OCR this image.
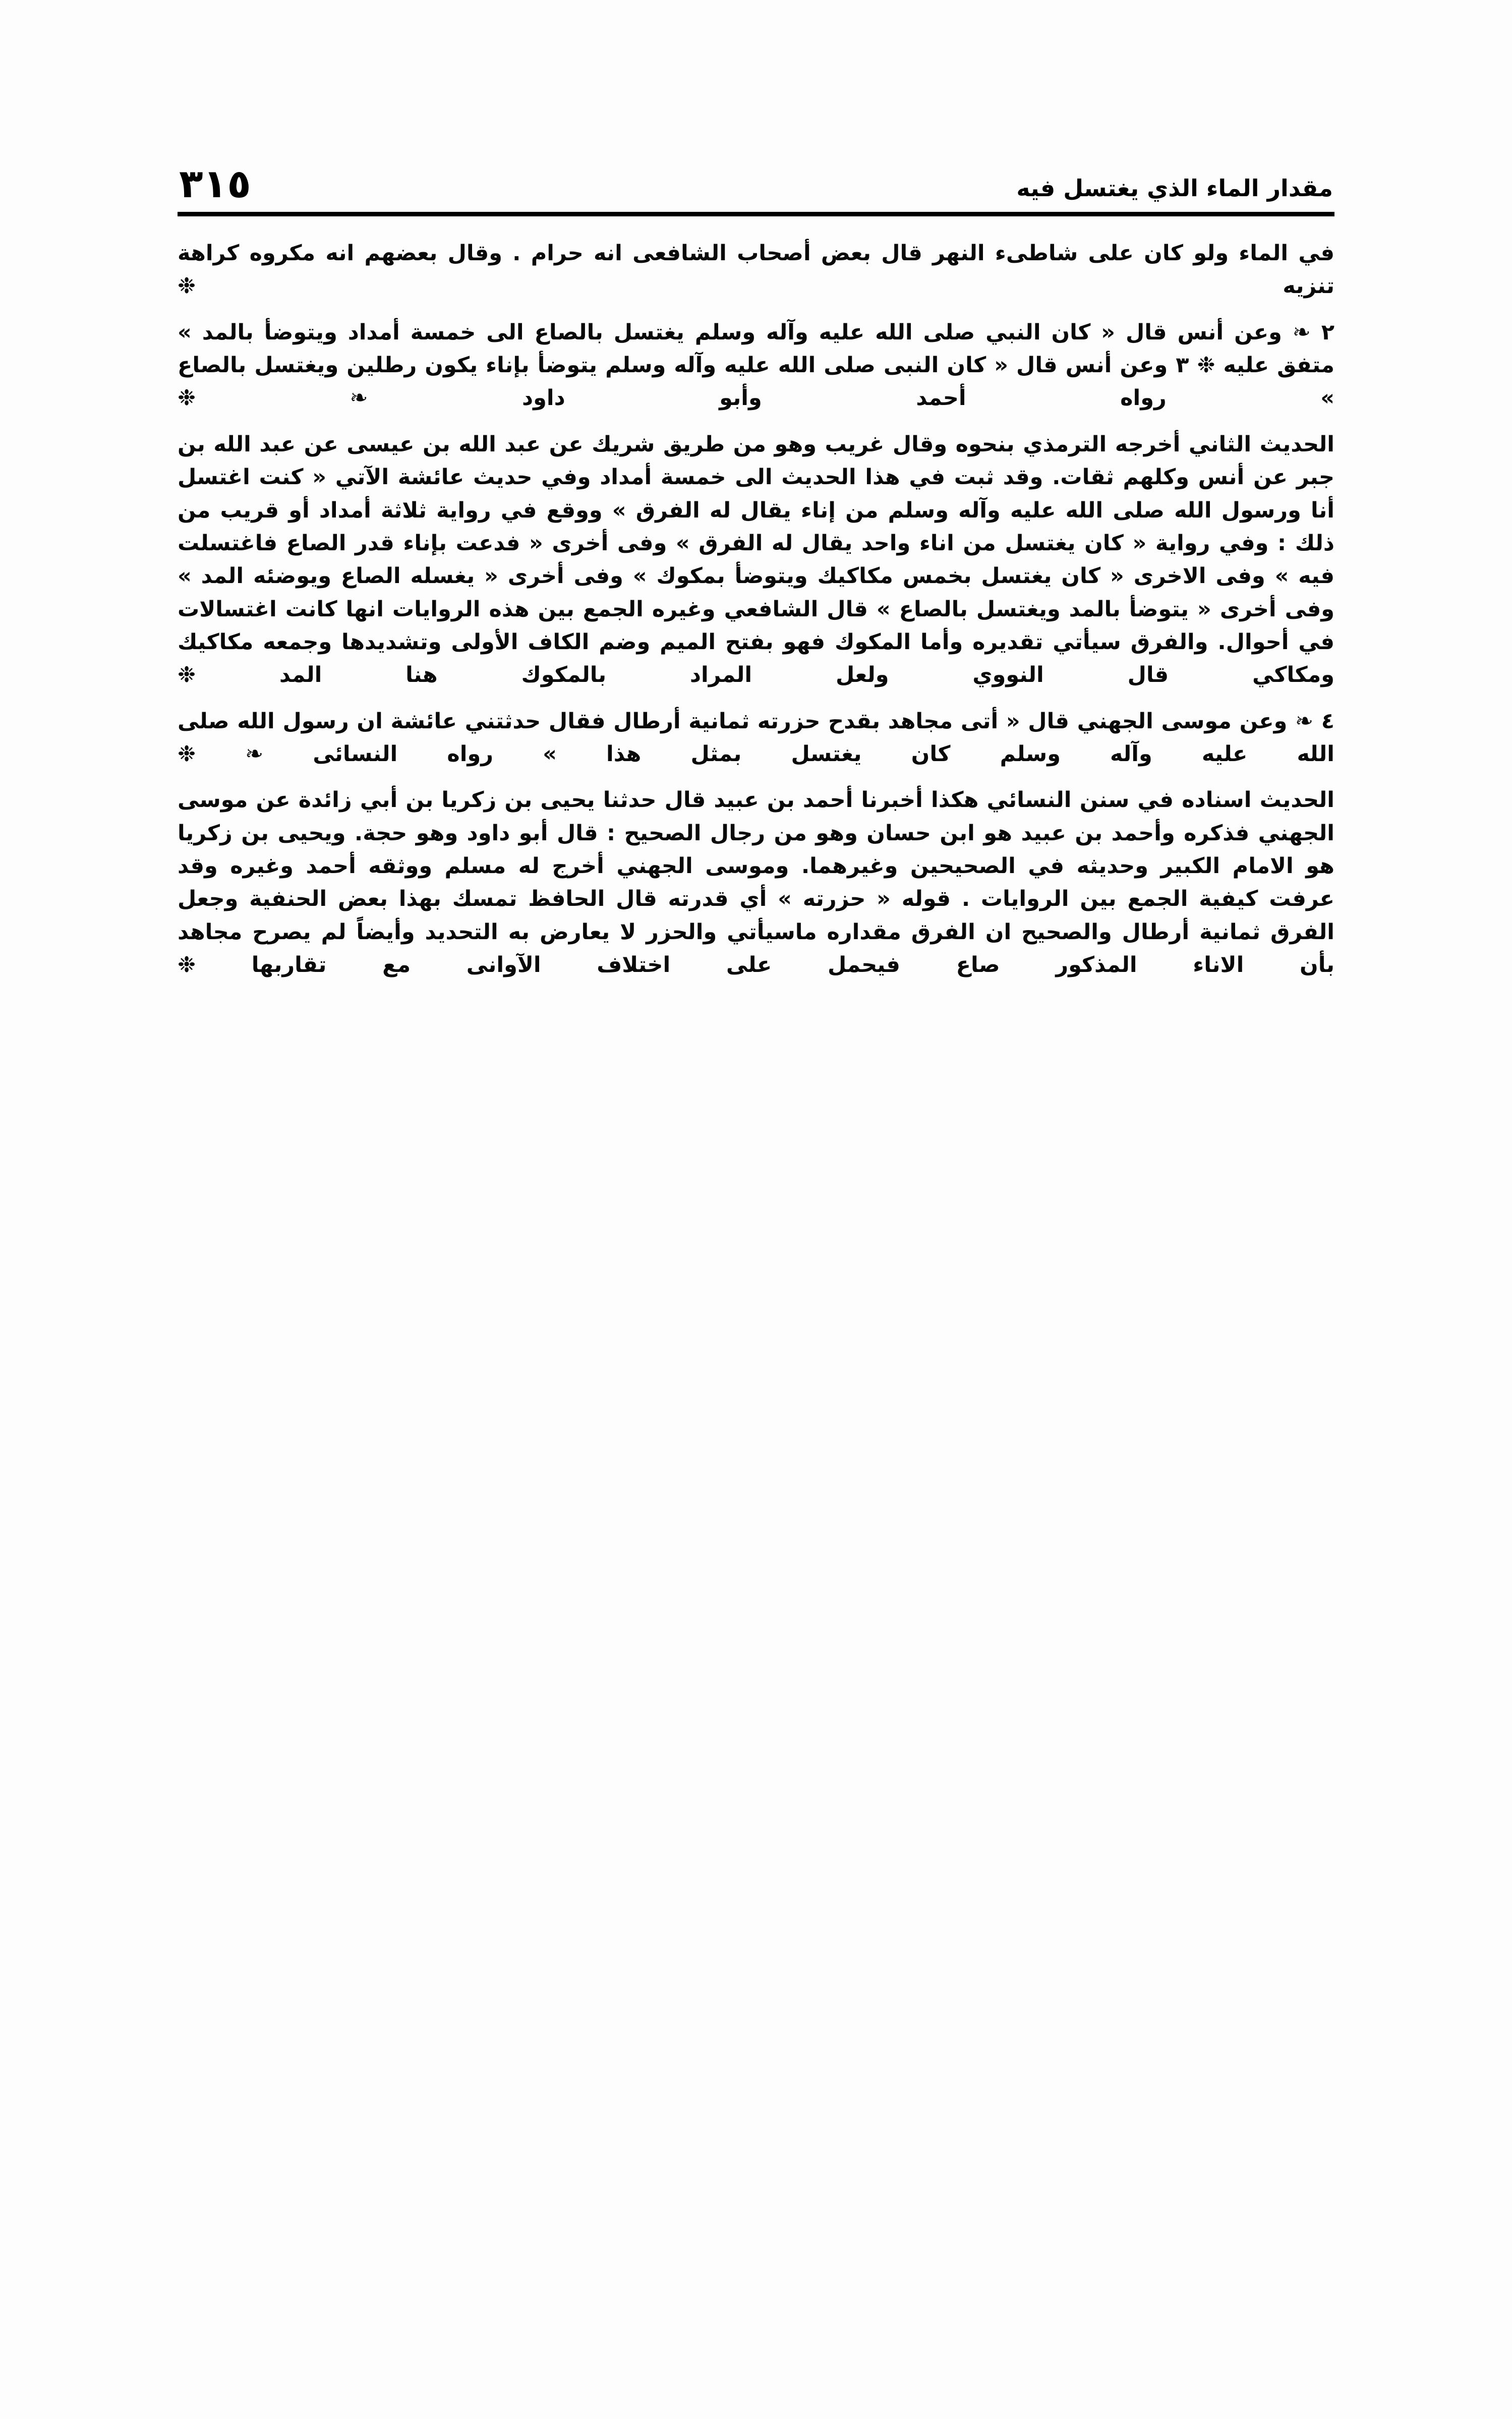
٣١٥	مقدار الماء الذي يغتسل فيه

في الماء ولو كان على شاطىء النهر قال بعض أصحاب الشافعى انه حرام . وقال بعضهم انه مكروه كراهة تنزيه ❉

٢ ❧ وعن أنس قال « كان النبي صلى الله عليه وآله وسلم يغتسل بالصاع الى خمسة أمداد ويتوضأ بالمد » متفق عليه ❉ ٣ وعن أنس قال « كان النبى صلى الله عليه وآله وسلم يتوضأ بإناء يكون رطلين ويغتسل بالصاع » رواه أحمد وأبو داود ❧ ❉

الحديث الثاني أخرجه الترمذي بنحوه وقال غريب وهو من طريق شريك عن عبد الله بن عيسى عن عبد الله بن جبر عن أنس وكلهم ثقات. وقد ثبت في هذا الحديث الى خمسة أمداد وفي حديث عائشة الآتي « كنت اغتسل أنا ورسول الله صلى الله عليه وآله وسلم من إناء يقال له الفرق » ووقع في رواية ثلاثة أمداد أو قريب من ذلك : وفي رواية « كان يغتسل من اناء واحد يقال له الفرق » وفى أخرى « فدعت بإناء قدر الصاع فاغتسلت فيه » وفى الاخرى « كان يغتسل بخمس مكاكيك ويتوضأ بمكوك » وفى أخرى « يغسله الصاع ويوضئه المد » وفى أخرى « يتوضأ بالمد ويغتسل بالصاع » قال الشافعي وغيره الجمع بين هذه الروايات انها كانت اغتسالات في أحوال. والفرق سيأتي تقديره وأما المكوك فهو بفتح الميم وضم الكاف الأولى وتشديدها وجمعه مكاكيك ومكاكي قال النووي ولعل المراد بالمكوك هنا المد ❉

٤ ❧ وعن موسى الجهني قال « أتى مجاهد بقدح حزرته ثمانية أرطال فقال حدثتني عائشة ان رسول الله صلى الله عليه وآله وسلم كان يغتسل بمثل هذا » رواه النسائى ❧ ❉

الحديث اسناده في سنن النسائي هكذا أخبرنا أحمد بن عبيد قال حدثنا يحيى بن زكريا بن أبي زائدة عن موسى الجهني فذكره وأحمد بن عبيد هو ابن حسان وهو من رجال الصحيح : قال أبو داود وهو حجة. ويحيى بن زكريا هو الامام الكبير وحديثه في الصحيحين وغيرهما. وموسى الجهني أخرج له مسلم ووثقه أحمد وغيره وقد عرفت كيفية الجمع بين الروايات . قوله « حزرته » أي قدرته قال الحافظ تمسك بهذا بعض الحنفية وجعل الفرق ثمانية أرطال والصحيح ان الفرق مقداره ماسيأتي والحزر لا يعارض به التحديد وأيضاً لم يصرح مجاهد بأن الاناء المذكور صاع فيحمل على اختلاف الآوانى مع تقاربها ❉
